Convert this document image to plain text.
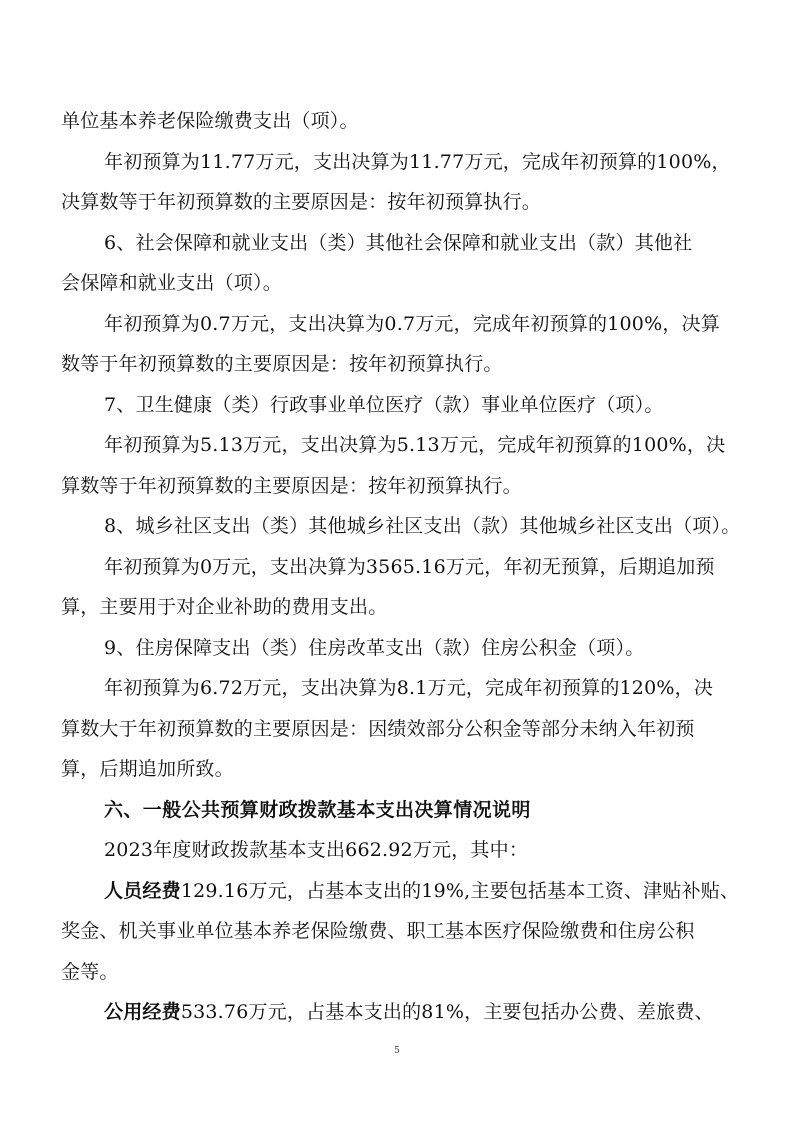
单位基本养老保险缴费支出（项）。
年初预算为11.77万元，支出决算为11.77万元，完成年初预算的100%，
决算数等于年初预算数的主要原因是：按年初预算执行。
6、社会保障和就业支出（类）其他社会保障和就业支出（款）其他社
会保障和就业支出（项）。
年初预算为0.7万元，支出决算为0.7万元，完成年初预算的100%，决算
数等于年初预算数的主要原因是：按年初预算执行。
7、卫生健康（类）行政事业单位医疗（款）事业单位医疗（项）。
年初预算为5.13万元，支出决算为5.13万元，完成年初预算的100%，决
算数等于年初预算数的主要原因是：按年初预算执行。
8、城乡社区支出（类）其他城乡社区支出（款）其他城乡社区支出（项）。
年初预算为0万元，支出决算为3565.16万元，年初无预算，后期追加预
算，主要用于对企业补助的费用支出。
9、住房保障支出（类）住房改革支出（款）住房公积金（项）。
年初预算为6.72万元，支出决算为8.1万元，完成年初预算的120%，决
算数大于年初预算数的主要原因是：因绩效部分公积金等部分未纳入年初预
算，后期追加所致。
六、一般公共预算财政拨款基本支出决算情况说明
2023年度财政拨款基本支出662.92万元，其中：
人员经费129.16万元，占基本支出的19%,主要包括基本工资、津贴补贴、
奖金、机关事业单位基本养老保险缴费、职工基本医疗保险缴费和住房公积
金等。
公用经费533.76万元，占基本支出的81%，主要包括办公费、差旅费、
5
